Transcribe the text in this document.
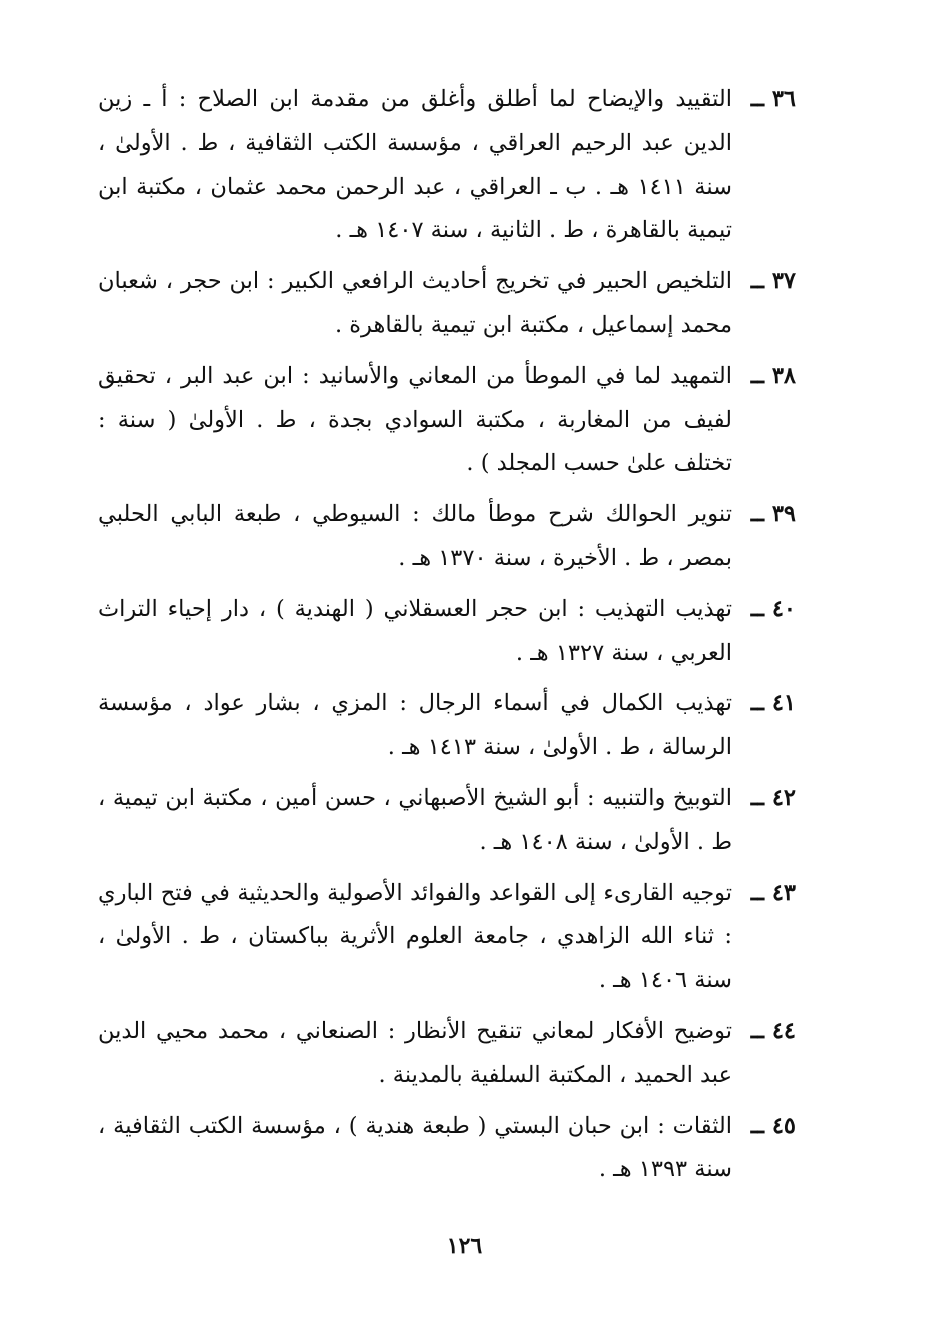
٣٦ ــ
التقييد والإيضاح لما أطلق وأغلق من مقدمة ابن الصلاح : أ ـ زين الدين عبد الرحيم العراقي ، مؤسسة الكتب الثقافية ، ط . الأولىٰ ، سنة ١٤١١ هـ . ب ـ العراقي ، عبد الرحمن محمد عثمان ، مكتبة ابن تيمية بالقاهرة ، ط . الثانية ، سنة ١٤٠٧ هـ .
٣٧ ــ
التلخيص الحبير في تخريج أحاديث الرافعي الكبير : ابن حجر ، شعبان محمد إسماعيل ، مكتبة ابن تيمية بالقاهرة .
٣٨ ــ
التمهيد لما في الموطأ من المعاني والأسانيد : ابن عبد البر ، تحقيق لفيف من المغاربة ، مكتبة السوادي بجدة ، ط . الأولىٰ ( سنة : تختلف علىٰ حسب المجلد ) .
٣٩ ــ
تنوير الحوالك شرح موطأ مالك : السيوطي ، طبعة البابي الحلبي بمصر ، ط . الأخيرة ، سنة ١٣٧٠ هـ .
٤٠ ــ
تهذيب التهذيب : ابن حجر العسقلاني ( الهندية ) ، دار إحياء التراث العربي ، سنة ١٣٢٧ هـ .
٤١ ــ
تهذيب الكمال في أسماء الرجال : المزي ، بشار عواد ، مؤسسة الرسالة ، ط . الأولىٰ ، سنة ١٤١٣ هـ .
٤٢ ــ
التوبيخ والتنبيه : أبو الشيخ الأصبهاني ، حسن أمين ، مكتبة ابن تيمية ، ط . الأولىٰ ، سنة ١٤٠٨ هـ .
٤٣ ــ
توجيه القارىء إلى القواعد والفوائد الأصولية والحديثية في فتح الباري : ثناء الله الزاهدي ، جامعة العلوم الأثرية بباكستان ، ط . الأولىٰ ، سنة ١٤٠٦ هـ .
٤٤ ــ
توضيح الأفكار لمعاني تنقيح الأنظار : الصنعاني ، محمد محيي الدين عبد الحميد ، المكتبة السلفية بالمدينة .
٤٥ ــ
الثقات : ابن حبان البستي ( طبعة هندية ) ، مؤسسة الكتب الثقافية ، سنة ١٣٩٣ هـ .
١٢٦
